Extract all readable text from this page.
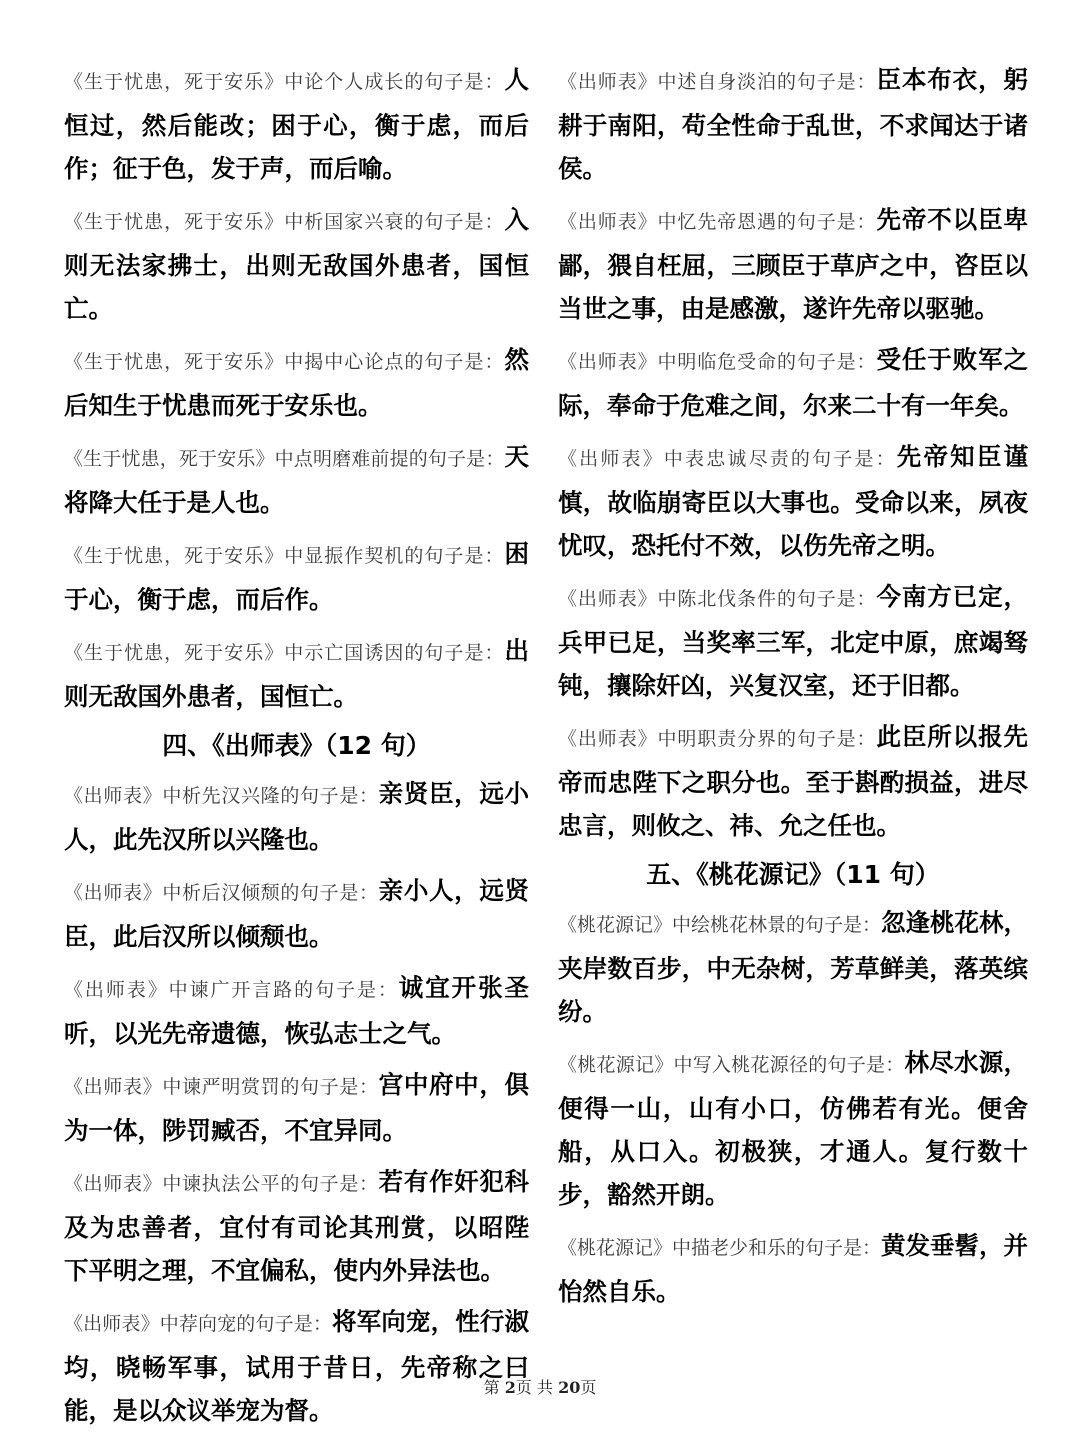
《生于忧患，死于安乐》中论个人成长的句子是：人恒过，然后能改；困于心，衡于虑，而后作；征于色，发于声，而后喻。

《生于忧患，死于安乐》中析国家兴衰的句子是：入则无法家拂士，出则无敌国外患者，国恒亡。

《生于忧患，死于安乐》中揭中心论点的句子是：然后知生于忧患而死于安乐也。

《生于忧患，死于安乐》中点明磨难前提的句子是：天将降大任于是人也。

《生于忧患，死于安乐》中显振作契机的句子是：困于心，衡于虑，而后作。

《生于忧患，死于安乐》中示亡国诱因的句子是：出则无敌国外患者，国恒亡。

四、《出师表》（12 句）

《出师表》中析先汉兴隆的句子是：亲贤臣，远小人，此先汉所以兴隆也。

《出师表》中析后汉倾颓的句子是：亲小人，远贤臣，此后汉所以倾颓也。

《出师表》中谏广开言路的句子是：诚宜开张圣听，以光先帝遗德，恢弘志士之气。

《出师表》中谏严明赏罚的句子是：宫中府中，俱为一体，陟罚臧否，不宜异同。

《出师表》中谏执法公平的句子是：若有作奸犯科及为忠善者，宜付有司论其刑赏，以昭陛下平明之理，不宜偏私，使内外异法也。

《出师表》中荐向宠的句子是：将军向宠，性行淑均，晓畅军事，试用于昔日，先帝称之曰能，是以众议举宠为督。

《出师表》中述自身淡泊的句子是：臣本布衣，躬耕于南阳，苟全性命于乱世，不求闻达于诸侯。

《出师表》中忆先帝恩遇的句子是：先帝不以臣卑鄙，猥自枉屈，三顾臣于草庐之中，咨臣以当世之事，由是感激，遂许先帝以驱驰。

《出师表》中明临危受命的句子是：受任于败军之际，奉命于危难之间，尔来二十有一年矣。

《出师表》中表忠诚尽责的句子是：先帝知臣谨慎，故临崩寄臣以大事也。受命以来，夙夜忧叹，恐托付不效，以伤先帝之明。

《出师表》中陈北伐条件的句子是：今南方已定，兵甲已足，当奖率三军，北定中原，庶竭驽钝，攘除奸凶，兴复汉室，还于旧都。

《出师表》中明职责分界的句子是：此臣所以报先帝而忠陛下之职分也。至于斟酌损益，进尽忠言，则攸之、祎、允之任也。

五、《桃花源记》（11 句）

《桃花源记》中绘桃花林景的句子是：忽逢桃花林，夹岸数百步，中无杂树，芳草鲜美，落英缤纷。

《桃花源记》中写入桃花源径的句子是：林尽水源，便得一山，山有小口，仿佛若有光。便舍船，从口入。初极狭，才通人。复行数十步，豁然开朗。

《桃花源记》中描老少和乐的句子是：黄发垂髫，并怡然自乐。

第 2页 共 20页
